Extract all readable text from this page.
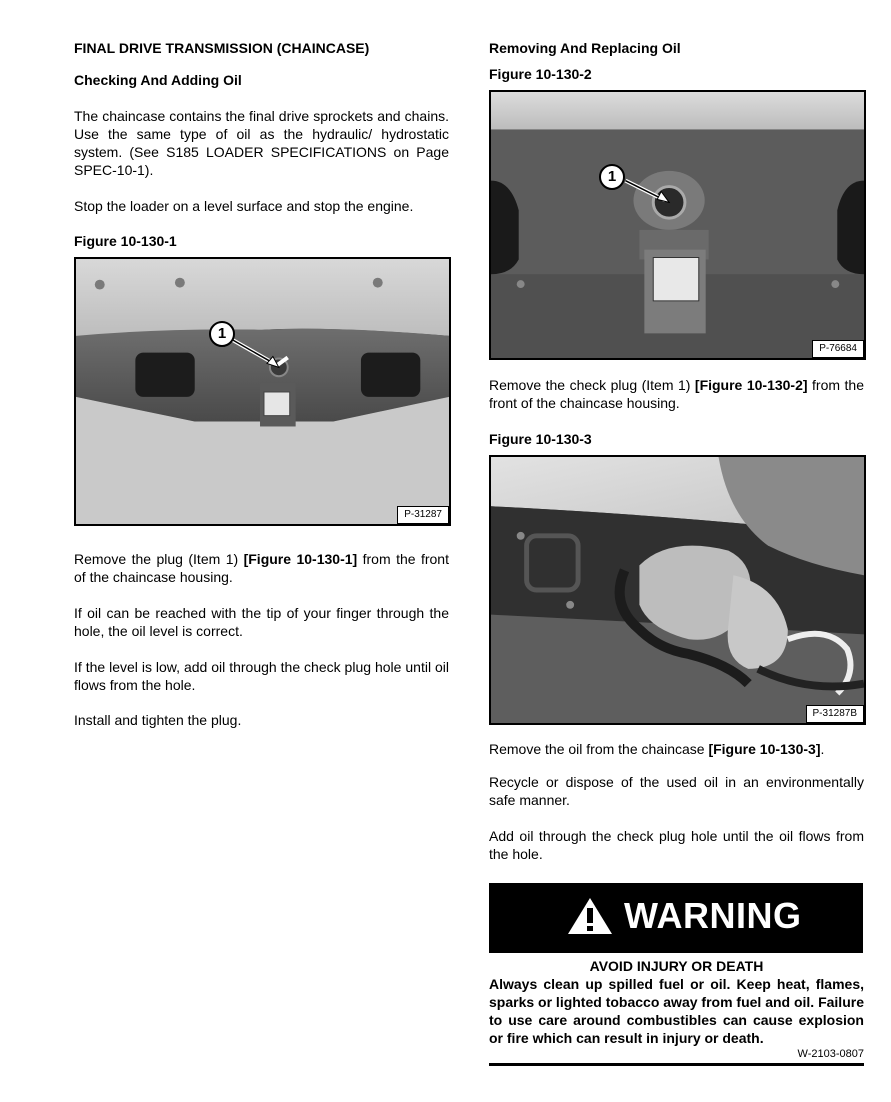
FINAL DRIVE TRANSMISSION (CHAINCASE)
Checking And Adding Oil

The chaincase contains the final drive sprockets and chains. Use the same type of oil as the hydraulic/ hydrostatic system. (See S185 LOADER SPECIFICATIONS on Page SPEC-10-1).

Stop the loader on a level surface and stop the engine.

Figure 10-130-1
1
P-31287

Remove the plug (Item 1) [Figure 10-130-1] from the front of the chaincase housing.

If oil can be reached with the tip of your finger through the hole, the oil level is correct.

If the level is low, add oil through the check plug hole until oil flows from the hole.

Install and tighten the plug.

Removing And Replacing Oil
Figure 10-130-2
1
P-76684

Remove the check plug (Item 1) [Figure 10-130-2] from the front of the chaincase housing.

Figure 10-130-3
P-31287B

Remove the oil from the chaincase [Figure 10-130-3].

Recycle or dispose of the used oil in an environmentally safe manner.

Add oil through the check plug hole until the oil flows from the hole.

WARNING
AVOID INJURY OR DEATH

Always clean up spilled fuel or oil. Keep heat, flames, sparks or lighted tobacco away from fuel and oil. Failure to use care around combustibles can cause explosion or fire which can result in injury or death.

W-2103-0807
